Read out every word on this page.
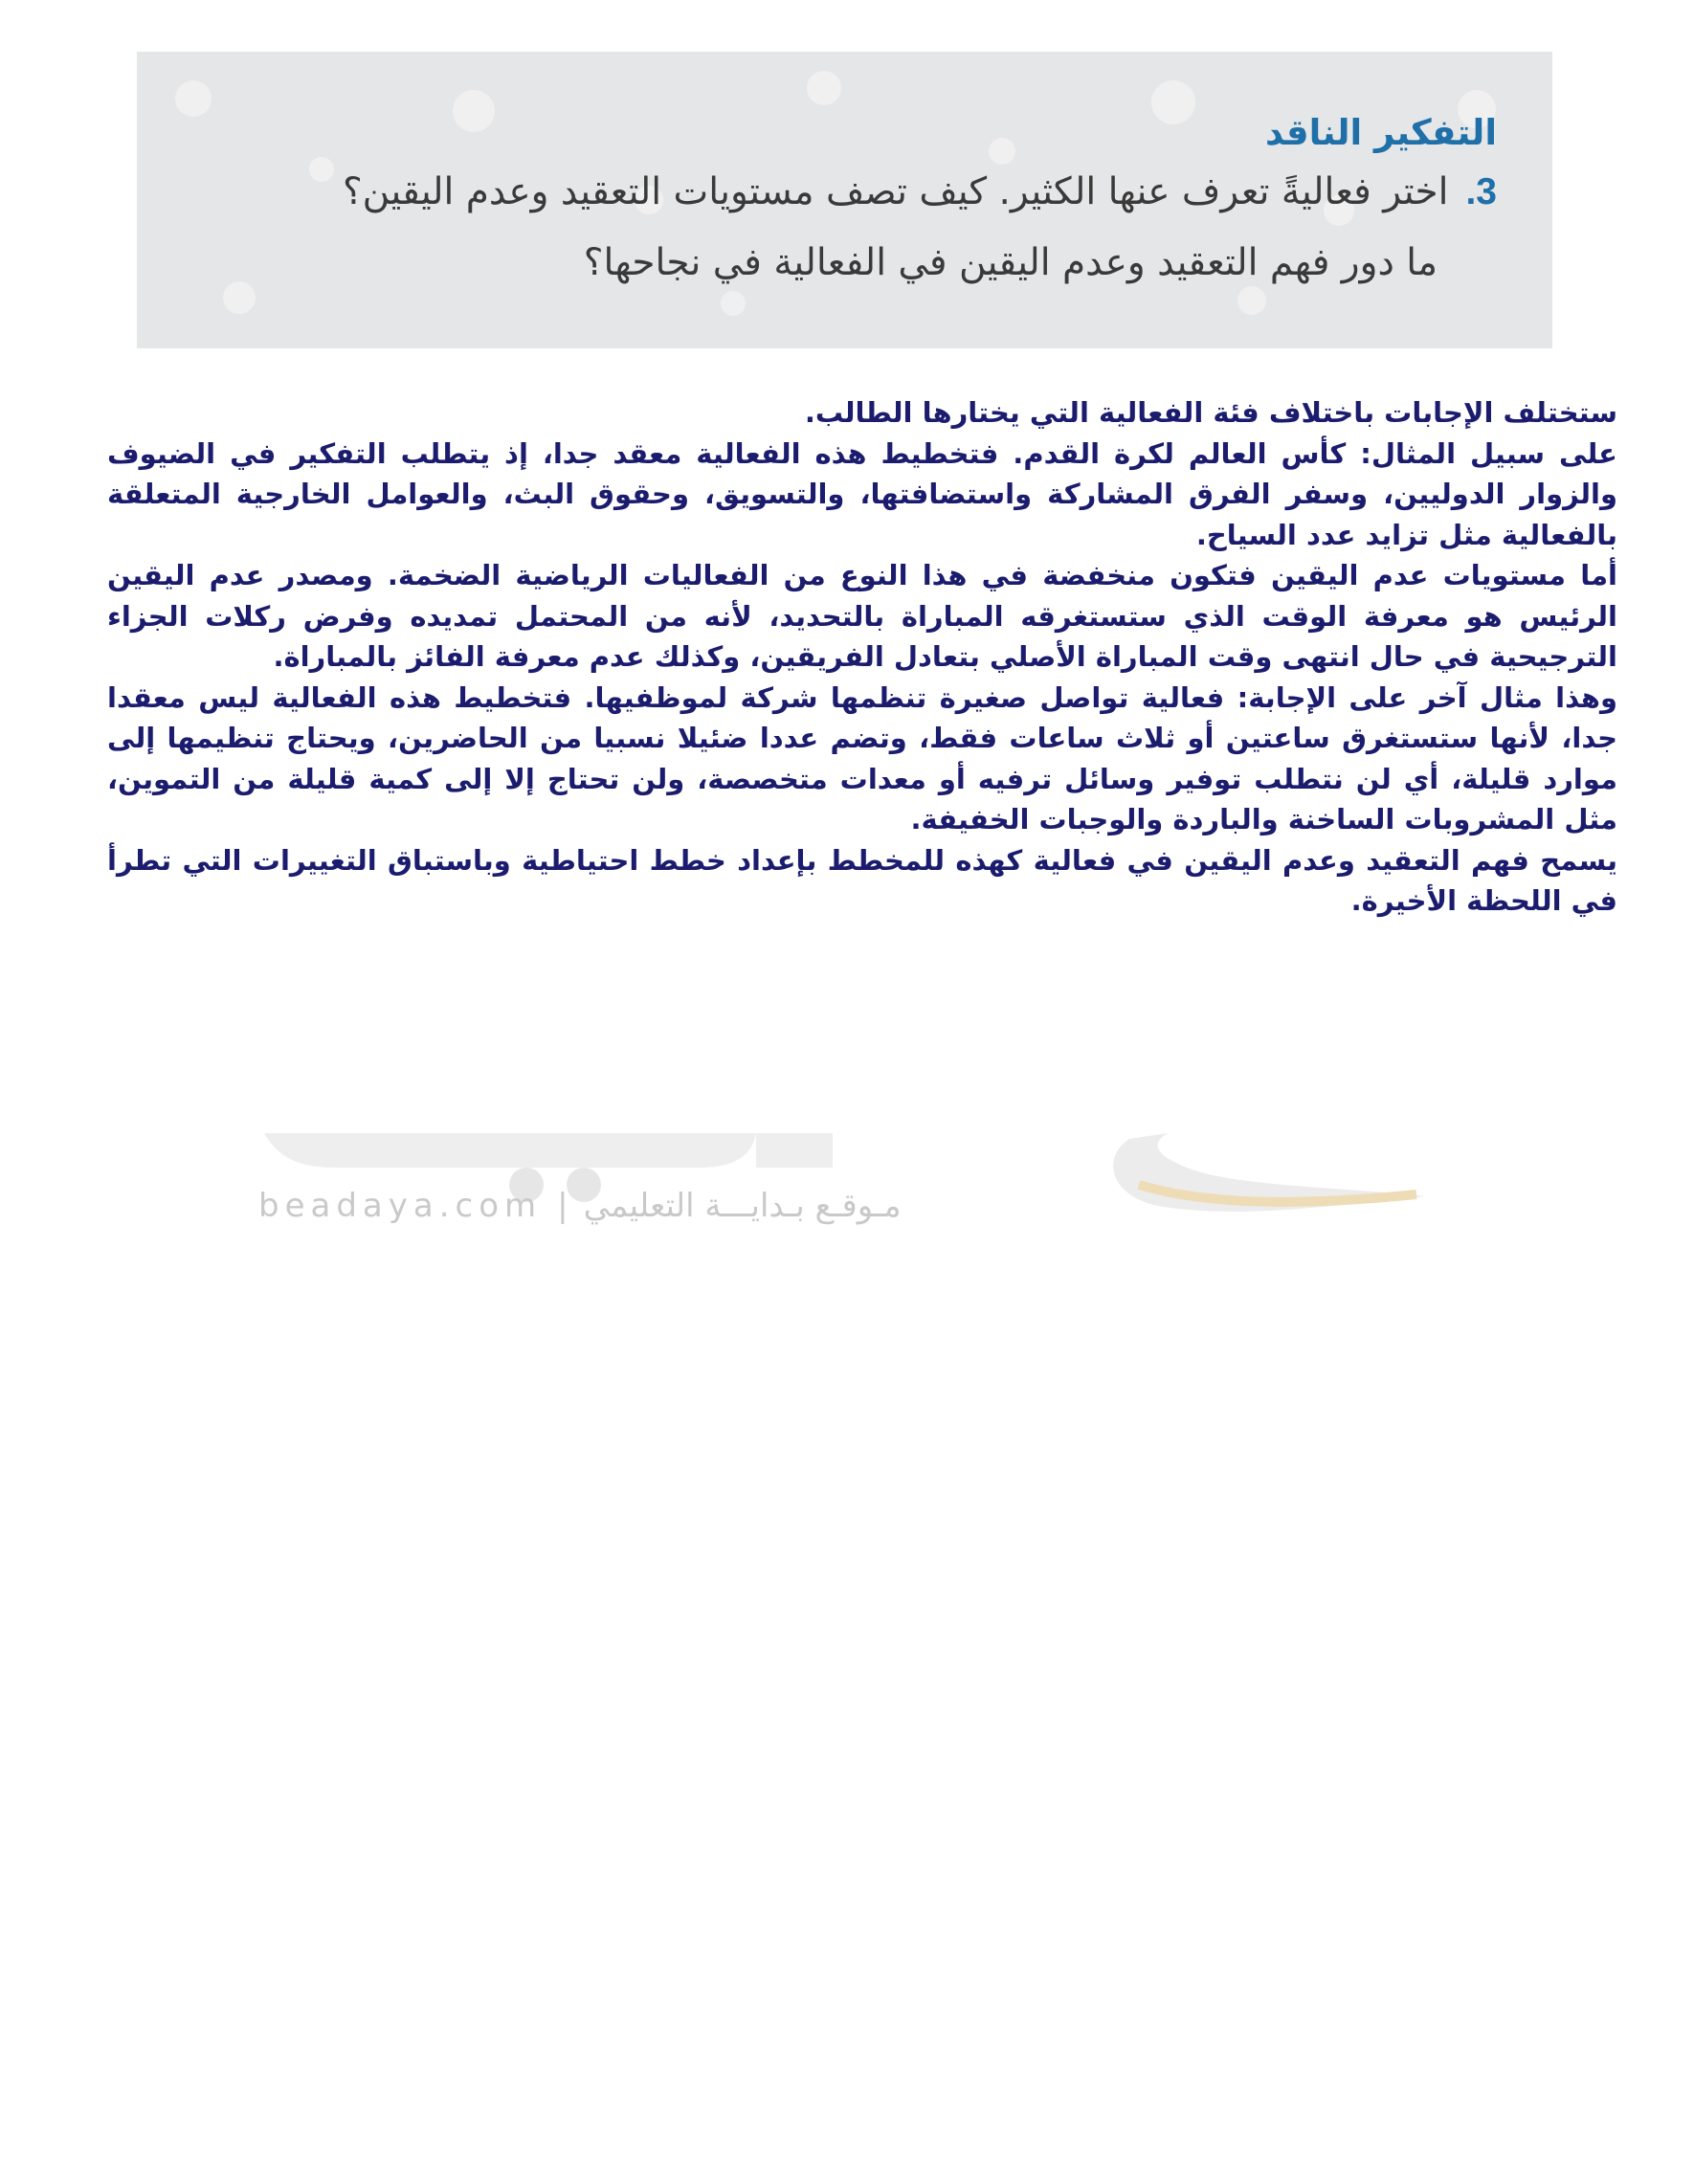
التفكير الناقد

3.اختر فعاليةً تعرف عنها الكثير. كيف تصف مستويات التعقيد وعدم اليقين؟

ما دور فهم التعقيد وعدم اليقين في الفعالية في نجاحها؟

ستختلف الإجابات باختلاف فئة الفعالية التي يختارها الطالب.

على سبيل المثال: كأس العالم لكرة القدم. فتخطيط هذه الفعالية معقد جدا، إذ يتطلب التفكير في الضيوف والزوار الدوليين، وسفر الفرق المشاركة واستضافتها، والتسويق، وحقوق البث، والعوامل الخارجية المتعلقة بالفعالية مثل تزايد عدد السياح.

أما مستويات عدم اليقين فتكون منخفضة في هذا النوع من الفعاليات الرياضية الضخمة. ومصدر عدم اليقين الرئيس هو معرفة الوقت الذي ستستغرقه المباراة بالتحديد، لأنه من المحتمل تمديده وفرض ركلات الجزاء الترجيحية في حال انتهى وقت المباراة الأصلي بتعادل الفريقين، وكذلك عدم معرفة الفائز بالمباراة.

وهذا مثال آخر على الإجابة: فعالية تواصل صغيرة تنظمها شركة لموظفيها. فتخطيط هذه الفعالية ليس معقدا جدا، لأنها ستستغرق ساعتين أو ثلاث ساعات فقط، وتضم عددا ضئيلا نسبيا من الحاضرين، ويحتاج تنظيمها إلى موارد قليلة، أي لن نتطلب توفير وسائل ترفيه أو معدات متخصصة، ولن تحتاج إلا إلى كمية قليلة من التموين، مثل المشروبات الساخنة والباردة والوجبات الخفيفة.

يسمح فهم التعقيد وعدم اليقين في فعالية كهذه للمخطط بإعداد خطط احتياطية وباستباق التغييرات التي تطرأ في اللحظة الأخيرة.

beadaya.com | مـوقـع بـدايـــة التعليمي
